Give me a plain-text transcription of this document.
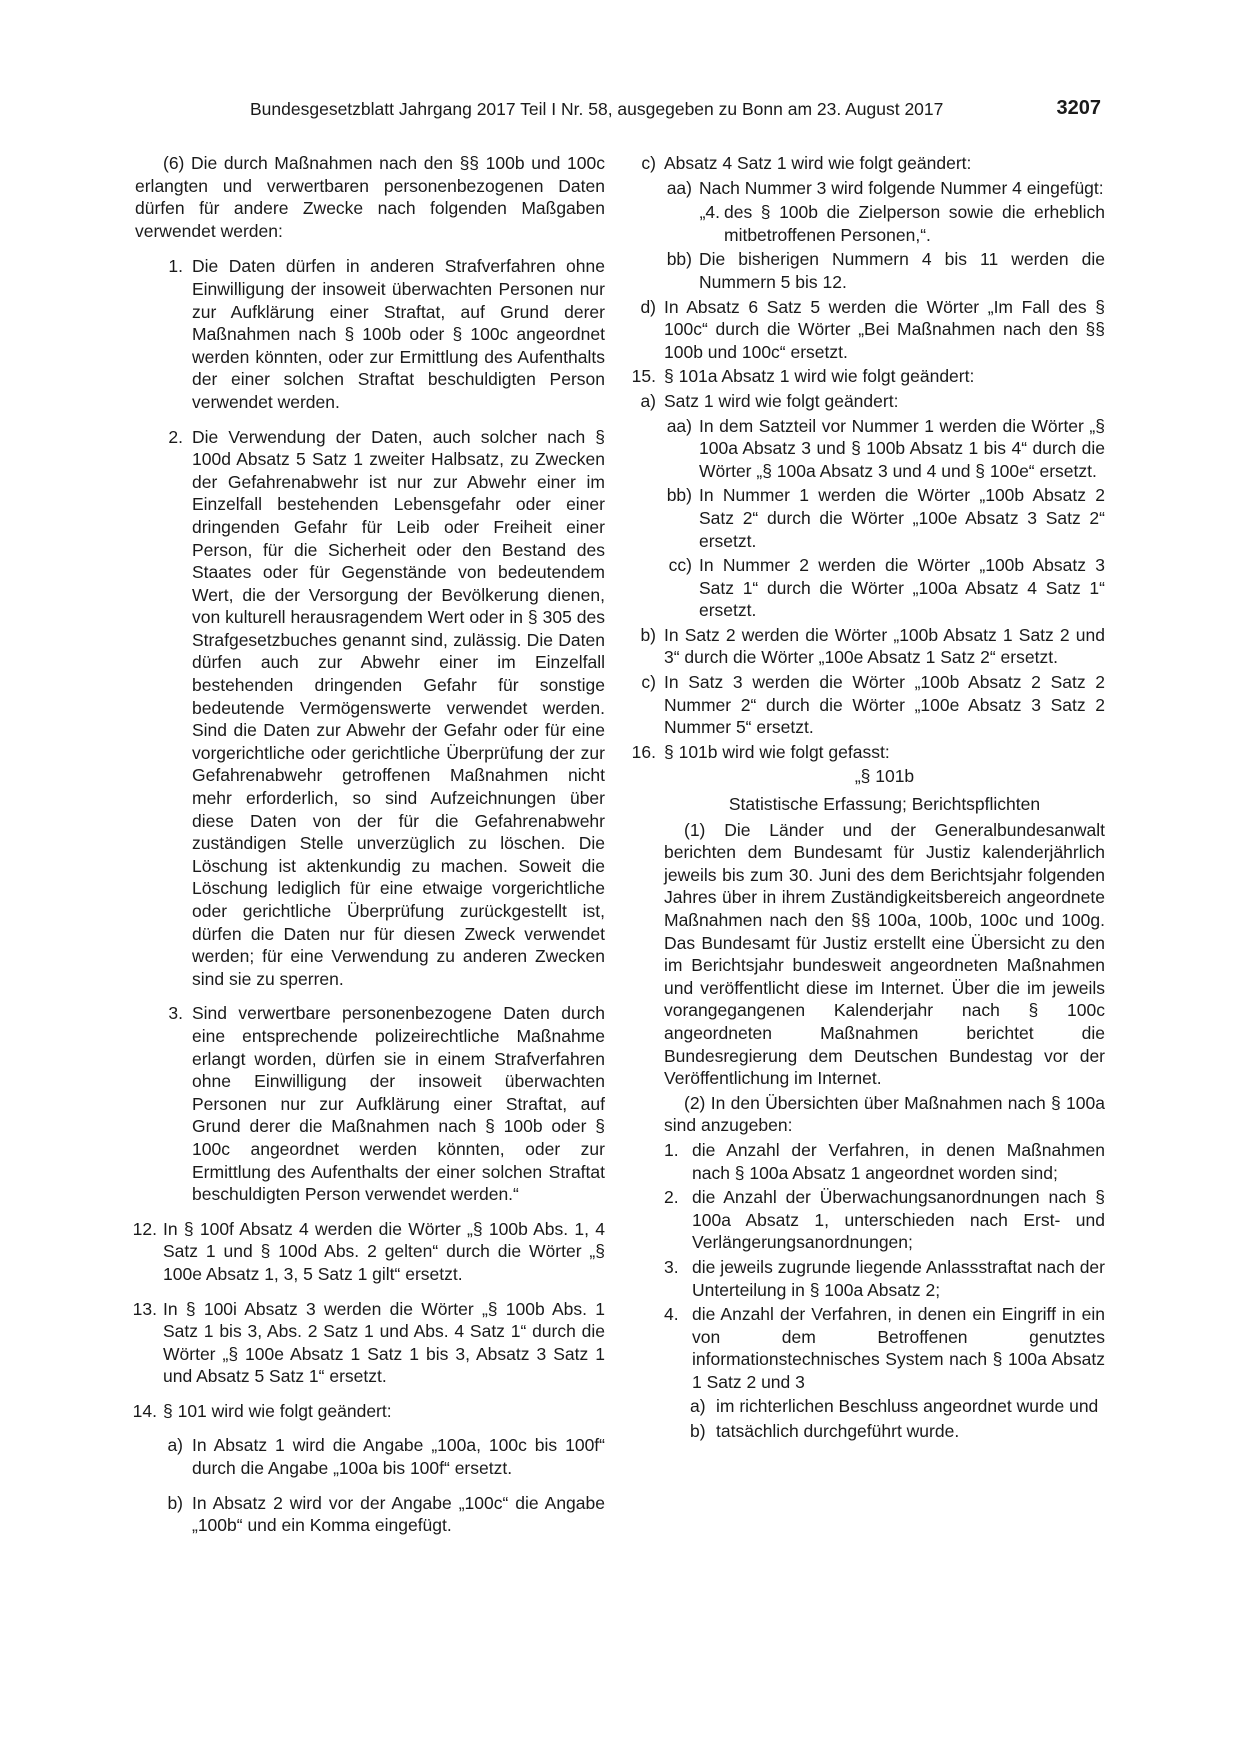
Bundesgesetzblatt Jahrgang 2017 Teil I Nr. 58, ausgegeben zu Bonn am 23. August 2017	3207

(6) Die durch Maßnahmen nach den §§ 100b und 100c erlangten und verwertbaren personenbezogenen Daten dürfen für andere Zwecke nach folgenden Maßgaben verwendet werden:

1. Die Daten dürfen in anderen Strafverfahren ohne Einwilligung der insoweit überwachten Personen nur zur Aufklärung einer Straftat, auf Grund derer Maßnahmen nach § 100b oder § 100c angeordnet werden könnten, oder zur Ermittlung des Aufenthalts der einer solchen Straftat beschuldigten Person verwendet werden.

2. Die Verwendung der Daten, auch solcher nach § 100d Absatz 5 Satz 1 zweiter Halbsatz, zu Zwecken der Gefahrenabwehr ist nur zur Abwehr einer im Einzelfall bestehenden Lebensgefahr oder einer dringenden Gefahr für Leib oder Freiheit einer Person, für die Sicherheit oder den Bestand des Staates oder für Gegenstände von bedeutendem Wert, die der Versorgung der Bevölkerung dienen, von kulturell herausragendem Wert oder in § 305 des Strafgesetzbuches genannt sind, zulässig. Die Daten dürfen auch zur Abwehr einer im Einzelfall bestehenden dringenden Gefahr für sonstige bedeutende Vermögenswerte verwendet werden. Sind die Daten zur Abwehr der Gefahr oder für eine vorgerichtliche oder gerichtliche Überprüfung der zur Gefahrenabwehr getroffenen Maßnahmen nicht mehr erforderlich, so sind Aufzeichnungen über diese Daten von der für die Gefahrenabwehr zuständigen Stelle unverzüglich zu löschen. Die Löschung ist aktenkundig zu machen. Soweit die Löschung lediglich für eine etwaige vorgerichtliche oder gerichtliche Überprüfung zurückgestellt ist, dürfen die Daten nur für diesen Zweck verwendet werden; für eine Verwendung zu anderen Zwecken sind sie zu sperren.

3. Sind verwertbare personenbezogene Daten durch eine entsprechende polizeirechtliche Maßnahme erlangt worden, dürfen sie in einem Strafverfahren ohne Einwilligung der insoweit überwachten Personen nur zur Aufklärung einer Straftat, auf Grund derer die Maßnahmen nach § 100b oder § 100c angeordnet werden könnten, oder zur Ermittlung des Aufenthalts der einer solchen Straftat beschuldigten Person verwendet werden.“

12. In § 100f Absatz 4 werden die Wörter „§ 100b Abs. 1, 4 Satz 1 und § 100d Abs. 2 gelten“ durch die Wörter „§ 100e Absatz 1, 3, 5 Satz 1 gilt“ ersetzt.

13. In § 100i Absatz 3 werden die Wörter „§ 100b Abs. 1 Satz 1 bis 3, Abs. 2 Satz 1 und Abs. 4 Satz 1“ durch die Wörter „§ 100e Absatz 1 Satz 1 bis 3, Absatz 3 Satz 1 und Absatz 5 Satz 1“ ersetzt.

14. § 101 wird wie folgt geändert:

a) In Absatz 1 wird die Angabe „100a, 100c bis 100f“ durch die Angabe „100a bis 100f“ ersetzt.

b) In Absatz 2 wird vor der Angabe „100c“ die Angabe „100b“ und ein Komma eingefügt.

c) Absatz 4 Satz 1 wird wie folgt geändert:

aa) Nach Nummer 3 wird folgende Nummer 4 eingefügt:

„4. des § 100b die Zielperson sowie die erheblich mitbetroffenen Personen,“.

bb) Die bisherigen Nummern 4 bis 11 werden die Nummern 5 bis 12.

d) In Absatz 6 Satz 5 werden die Wörter „Im Fall des § 100c“ durch die Wörter „Bei Maßnahmen nach den §§ 100b und 100c“ ersetzt.

15. § 101a Absatz 1 wird wie folgt geändert:

a) Satz 1 wird wie folgt geändert:

aa) In dem Satzteil vor Nummer 1 werden die Wörter „§ 100a Absatz 3 und § 100b Absatz 1 bis 4“ durch die Wörter „§ 100a Absatz 3 und 4 und § 100e“ ersetzt.

bb) In Nummer 1 werden die Wörter „100b Absatz 2 Satz 2“ durch die Wörter „100e Absatz 3 Satz 2“ ersetzt.

cc) In Nummer 2 werden die Wörter „100b Absatz 3 Satz 1“ durch die Wörter „100a Absatz 4 Satz 1“ ersetzt.

b) In Satz 2 werden die Wörter „100b Absatz 1 Satz 2 und 3“ durch die Wörter „100e Absatz 1 Satz 2“ ersetzt.

c) In Satz 3 werden die Wörter „100b Absatz 2 Satz 2 Nummer 2“ durch die Wörter „100e Absatz 3 Satz 2 Nummer 5“ ersetzt.

16. § 101b wird wie folgt gefasst:

„§ 101b

Statistische Erfassung; Berichtspflichten

(1) Die Länder und der Generalbundesanwalt berichten dem Bundesamt für Justiz kalenderjährlich jeweils bis zum 30. Juni des dem Berichtsjahr folgenden Jahres über in ihrem Zuständigkeitsbereich angeordnete Maßnahmen nach den §§ 100a, 100b, 100c und 100g. Das Bundesamt für Justiz erstellt eine Übersicht zu den im Berichtsjahr bundesweit angeordneten Maßnahmen und veröffentlicht diese im Internet. Über die im jeweils vorangegangenen Kalenderjahr nach § 100c angeordneten Maßnahmen berichtet die Bundesregierung dem Deutschen Bundestag vor der Veröffentlichung im Internet.

(2) In den Übersichten über Maßnahmen nach § 100a sind anzugeben:

1. die Anzahl der Verfahren, in denen Maßnahmen nach § 100a Absatz 1 angeordnet worden sind;

2. die Anzahl der Überwachungsanordnungen nach § 100a Absatz 1, unterschieden nach Erst- und Verlängerungsanordnungen;

3. die jeweils zugrunde liegende Anlassstraftat nach der Unterteilung in § 100a Absatz 2;

4. die Anzahl der Verfahren, in denen ein Eingriff in ein von dem Betroffenen genutztes informationstechnisches System nach § 100a Absatz 1 Satz 2 und 3

a) im richterlichen Beschluss angeordnet wurde und

b) tatsächlich durchgeführt wurde.
